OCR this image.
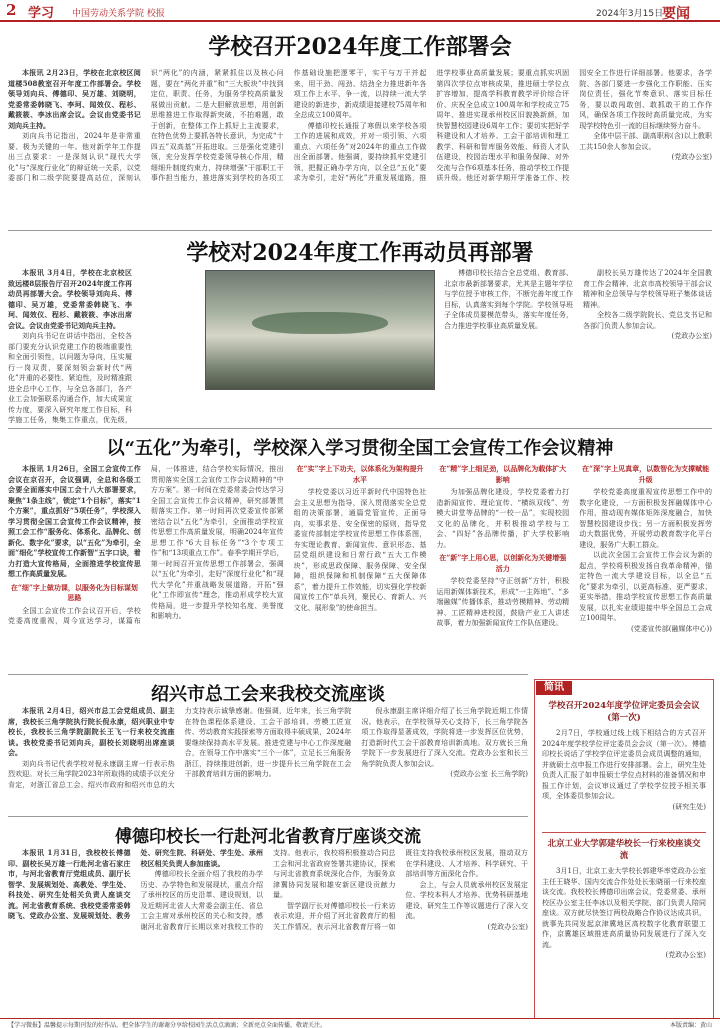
2 学习 中国劳动关系学院 校报	2024年3月15日
要闻
学校召开2024年度工作部署会

本报讯 2月23日，学校在北京校区阅道楼508教室召开年度工作部署会。学校领导刘向兵、傅德印、吴万雄、刘晓明，党委常委韩晓飞、李珂、闻效仪、程杉、戴筱筱、李冰出席会议。会议由党委书记刘向兵主持。

刘向兵书记指出，2024年是非常重要、极为关键的一年。他对新学年工作提出三点要求：一是深刻认识“现代大学化”与“深度行业化”的辩证统一关系，以党委部门和二级学院要提高站位，深刻认识“两化”的内涵，紧紧抓住以及核心问题，要在“两化并重”和“三大板块”中找到定位，职责、任务，为服务学校高质量发展做出贡献。二是大胆解放思想，用创新思维推进工作取得新突破，不拍难题，敢于创新，在整体工作上抓好上主流要求，在特色优势上要抓各特长意识，为完成“十四五”双高基”开拓进取。三是强化党建引领，充分发挥学校党委领导核心作用，精细细升制度约束力，持续增强“干部职工干事作担当能力，推进落实到学校的各项工作基础设施把逻零干，实干与万干并起来，用干劲、闯劲、结劲全力推进新年各项工作上水平、争一流，以持续一流大学建设的新进步，新成绩迎接建校75周年和全总成立100周年。

傅德印校长通报了寒假以来学校各项工作的进展和成效，并对一项引领、六项重点、六项任务”对2024年的重点工作做出全面部署。他强调，要持续抓牢党建引领，把握正确办学方向，以全总“五化”要求为牵引，走好“两化”并重发展道路，推进学校事业高质量发展；要重点抓实巩固第四次学位点审核成果，推进硕士学位点扩容增加，提高学科教育教学评价综合评价、庆祝全总成立100周年和学校成立75周年、推进实现承州校区旧貌换新颜，加快智慧校园建设6周年工作；要切实把好学科建设和人才培养、工会干部培训和理工教学、科研和智库服务效能、师资人才队伍建设，校园治理水平和服务保障、对外交流与合作6项基本任务，推动学校工作提质升级。他还对新学期开学准备工作、校园安全工作进行详细部署。他要求，各学院、各部门要进一步强化工作职能、压实岗位责任，强化节奏意识、落实目标任务，要以敢闯敢创、敢抓敢干的工作作风，确保各项工作按时高质量完成，为实现学校特色引一流的目标继续努力奋斗。

全体中层干部、副高职称(含)以上教职工共150余人参加会议。

(党政办公室)

学校对2024年度工作再动员再部署

本报讯 3月4日，学校在北京校区致远楼8层报告厅召开2024年度工作再动员再部署大会。学校领导刘向兵、傅德印、吴万雄，党委常委韩晓飞、李珂、闻效仪、程杉、戴筱筱、李冰出席会议。会议由党委书记刘向兵主持。

刘向兵书记在讲话中指出，全校各部门要充分认识党建工作的极端重要性和全面引领性，以问题为导向，压实履行一岗双责，要深刻领会新时代“两化”并重的必要性、紧迫性，及时精准跟进全总中心工作，与全总各部门，各产业工会加强联系沟通合作，加大成果宣传力度，要深入研究年度工作目标，科学施工任务，集集工作重点，优先级，

傅德印校长结合全总党组、教育部、北京市最新部署要求，尤其是主题年学位与学位授予审核工作，不断完善年度工作目标，认真落实到每个学院。学校领导班子全体成员要模范带头，落实年度任务，合力推进学校事业高质量发展。

副校长吴万雄传达了2024年全国教育工作会精神、北京市高校领导干部会议精神和全总领导与学校领导班子集体谈话精神。

全校各二级学院院长、党总支书记和各部门负责人参加会议。

(党政办公室)

以“五化”为牵引，学校深入学习贯彻全国工会宣传工作会议精神

本报讯 1月26日，全国工会宣传工作会议在京召开，会议强调，全总和各级工会要全面落实中国工会十八大部署要求，聚焦“1条主线”，锁定“1个目标”，落实“1个方案”，重点抓好“5项任务”，学校深入学习贯彻全国工会宣传工作会议精神，按照工会工作“服务化、体系化、品牌化、创新化、数字化”要求，以“五化”为牵引，全面“细化”学校宣传工作新智“五字口诀，着力打造大宣传格局，全面推进学校宣传思想工作高质量发展。

在“细”字上做功课，以服务化为目标谋划思路

全国工会宣传工作会议召开后，学校党委高度重视，周今宣达学习，谋篇布局，一体推进，结合学校实际情况，推出贯彻落实全国工会宣传工作会议精神的“中方方案”。第一时间在党委常委会传达学习全国工会宣传工作会议精神，研究部署贯彻落实工作。第一时间再次党委宣传部紧密结合以“五化”为牵引，全面推动学校宣传思想工作高质量发展，明确2024年宣传思想工作“6大目标任务”“3个专项工作”和“13项重点工作”。春季学期开学后，第一时间召开宣传思想工作部署会，强调以“五化”为牵引，走好“深度行业化”和“现代大学化”并重战略发展道路，开拓“强化”工作即宣传“理念，推动形成学校大宣传格局，进一步提升学校知名度、美誉度和影响力。

在“实”字上下功夫，以体系化为架构提升水平

学校党委以习近平新时代中国特色社会主义思想为指导，深入贯彻落实全总党组的决策部署，通篇党管宣传，正面导向，实事求是、安全保密的原则，指导党委宣传部制定学校宣传思想工作体系图，夯实理论教育、新闻宣传、意识形态、基层党组织建设和日常行政“五大工作模块”，形成思政保障、服务保障、安全保障，组织保障和机制保障“五大保障体系”，着力提升工作效能，切实强化学校新闻宣传工作“单兵列，聚民心、育新人、兴文化、展形象”的使命担当。

在“精”字上细足劲，以品牌化为载体扩大影响

为加强品牌化建设，学校党委着力打造新闻宣传、理论宣传、“横纵双线”、劳模大讲堂等品牌的“一校一品”，实现校园文化的品牌化，并积极推动学校与工会、“四好”各品牌传播，扩大学校影响力。

在“新”字上用心思，以创新化为关键增强活力

学校党委坚持“守正创新”方针，积极运用新媒体新技术，形成“一主阵地”、“多端融媒”传播体系，推动劳模精神、劳动精神、工匠精神进校园，鼓励产业工人讲述故事，着力加强新闻宣传工作队伍建设。

在“深”字上见真章，以数智化为支撑赋能升级

学校党委高度重视宣传思想工作中的数字化建设，一方面积极发挥融媒体中心作用，推动现有媒体矩阵深度融合，加快智慧校园建设步伐；另一方面积极发挥劳动大数据优势，开展劳动教育数字化平台建设，服务广大职工群众。

以此次全国工会宣传工作会议为新的起点，学校将积极发扬自我革命精神，锚定特色一流大学建设目标，以全总“五化”要求为牵引，以更高标准、更严要求、更实举措，推动学校宣传思想工作高质量发展，以扎实业绩迎接中华全国总工会成立100周年。

(党委宣传部(融媒体中心))

绍兴市总工会来我校交流座谈

本报讯 2月4日，绍兴市总工会党组成员、副主席，我校长三角学院执行院长倪永康，绍兴职业中专校长，我校长三角学院副院长王飞一行来校交流座谈。我校党委书记刘向兵，副校长刘晓明出席座谈会。

刘向兵书记代表学校对倪永康副主席一行表示热烈欢迎。对长三角学院2023年所取得的成绩予以充分肯定，对浙江省总工会、绍兴市政府和绍兴市总的大力支持表示诚挚感谢。他强调，近年来，长三角学院在特色课程体系建设、工会干部培训、劳模工匠宣传、劳动教育实践探索等方面取得丰硕成果，2024年要继续保持高水平发展。推进党建与中心工作深度融合，在领导工作中落实“三个一体”，立足长三角服务浙江，持续推进创新，进一步提升长三角学院在工会干部教育培训方面的影响力。

倪永康副主席详细介绍了长三角学院近期工作情况。他表示，在学校领导关心支持下，长三角学院各项工作取得显著成效，学院将进一步发挥区位优势，打造新时代工会干部教育培训新高地。双方就长三角学院下一步发展进行了深入交流。党政办公室和长三角学院负责人参加会议。

(党政办公室 长三角学院)

傅德印校长一行赴河北省教育厅座谈交流

本报讯 1月31日，我校校长傅德印、副校长吴万雄一行赴河北省石家庄市，与河北省教育厅党组成员、副厅长智学、发展规划处、高教处、学生处、科技处、研究生处相关负责人座谈交流。河北省教育系统、我校党委常委韩晓飞、党政办公室、发展规划处、教务处、研究生院、科研处、学生处、承州校区相关负责人参加座谈。

傅德印校长全面介绍了我校的办学历史、办学特色和发展现状，重点介绍了承州校区的历史沿革、建设规划，以及近期河北省人大常委会副主任、省总工会主席对承州校区的关心和支持，感谢河北省教育厅长期以来对我校工作的支持。他表示，我校将积极推动合同总工会和河北省政府签署共建协议，探索与河北省教育系统深化合作，为服务京津冀协同发展和雄安新区建设贡献力量。

智学副厅长对傅德印校长一行来访表示欢迎，并介绍了河北省教育厅的相关工作情况，表示河北省教育厅将一如既往支持我校承州校区发展，推动双方在学科建设、人才培养、科学研究、干部培训等方面深化合作。

会上，与会人员就承州校区发展定位、学校本科人才培养、优势科研基地建设、研究生工作等议题进行了深入交流。

(党政办公室)

简讯
学校召开2024年度学位评定委员会会议(第一次)

2月7日，学校通过线上线下相结合的方式召开2024年度学校学位评定委员会会议（第一次）。傅德印校长说话了学校学位评定委员会成员调整的通知，并就硕士点申报工作进行安排部署。会上，研究生处负责人汇报了如申报硕士学位点材料的准备情况和申报工作计划，会议审议通过了学校学位授予相关事项，全体委员参加会议。

(研究生处)

北京工业大学郭建华校长一行来校座谈交流

3月1日，北京工业大学校长郭建华率党政办公室主任王晓华、国内交流合作处处长张晓丽一行来校座谈交流。我校校长傅德印出席会议，党委常委、承州校区办公室主任李冰以及相关学院、部门负责人陪同座谈。双方就尽快签订两校战略合作协议达成共识，就事先共同发起京津冀地区高校数字化教育联盟工作，京冀雄区域推进高质量协同发展进行了深入交流。

(党政办公室)

【学习微报】温馨提示每期刊发的好作品，把全体学生的谢谢分享给校园生活点点滴滴；全新亮点全面传播，敬请关注。	本版责编：黄山
